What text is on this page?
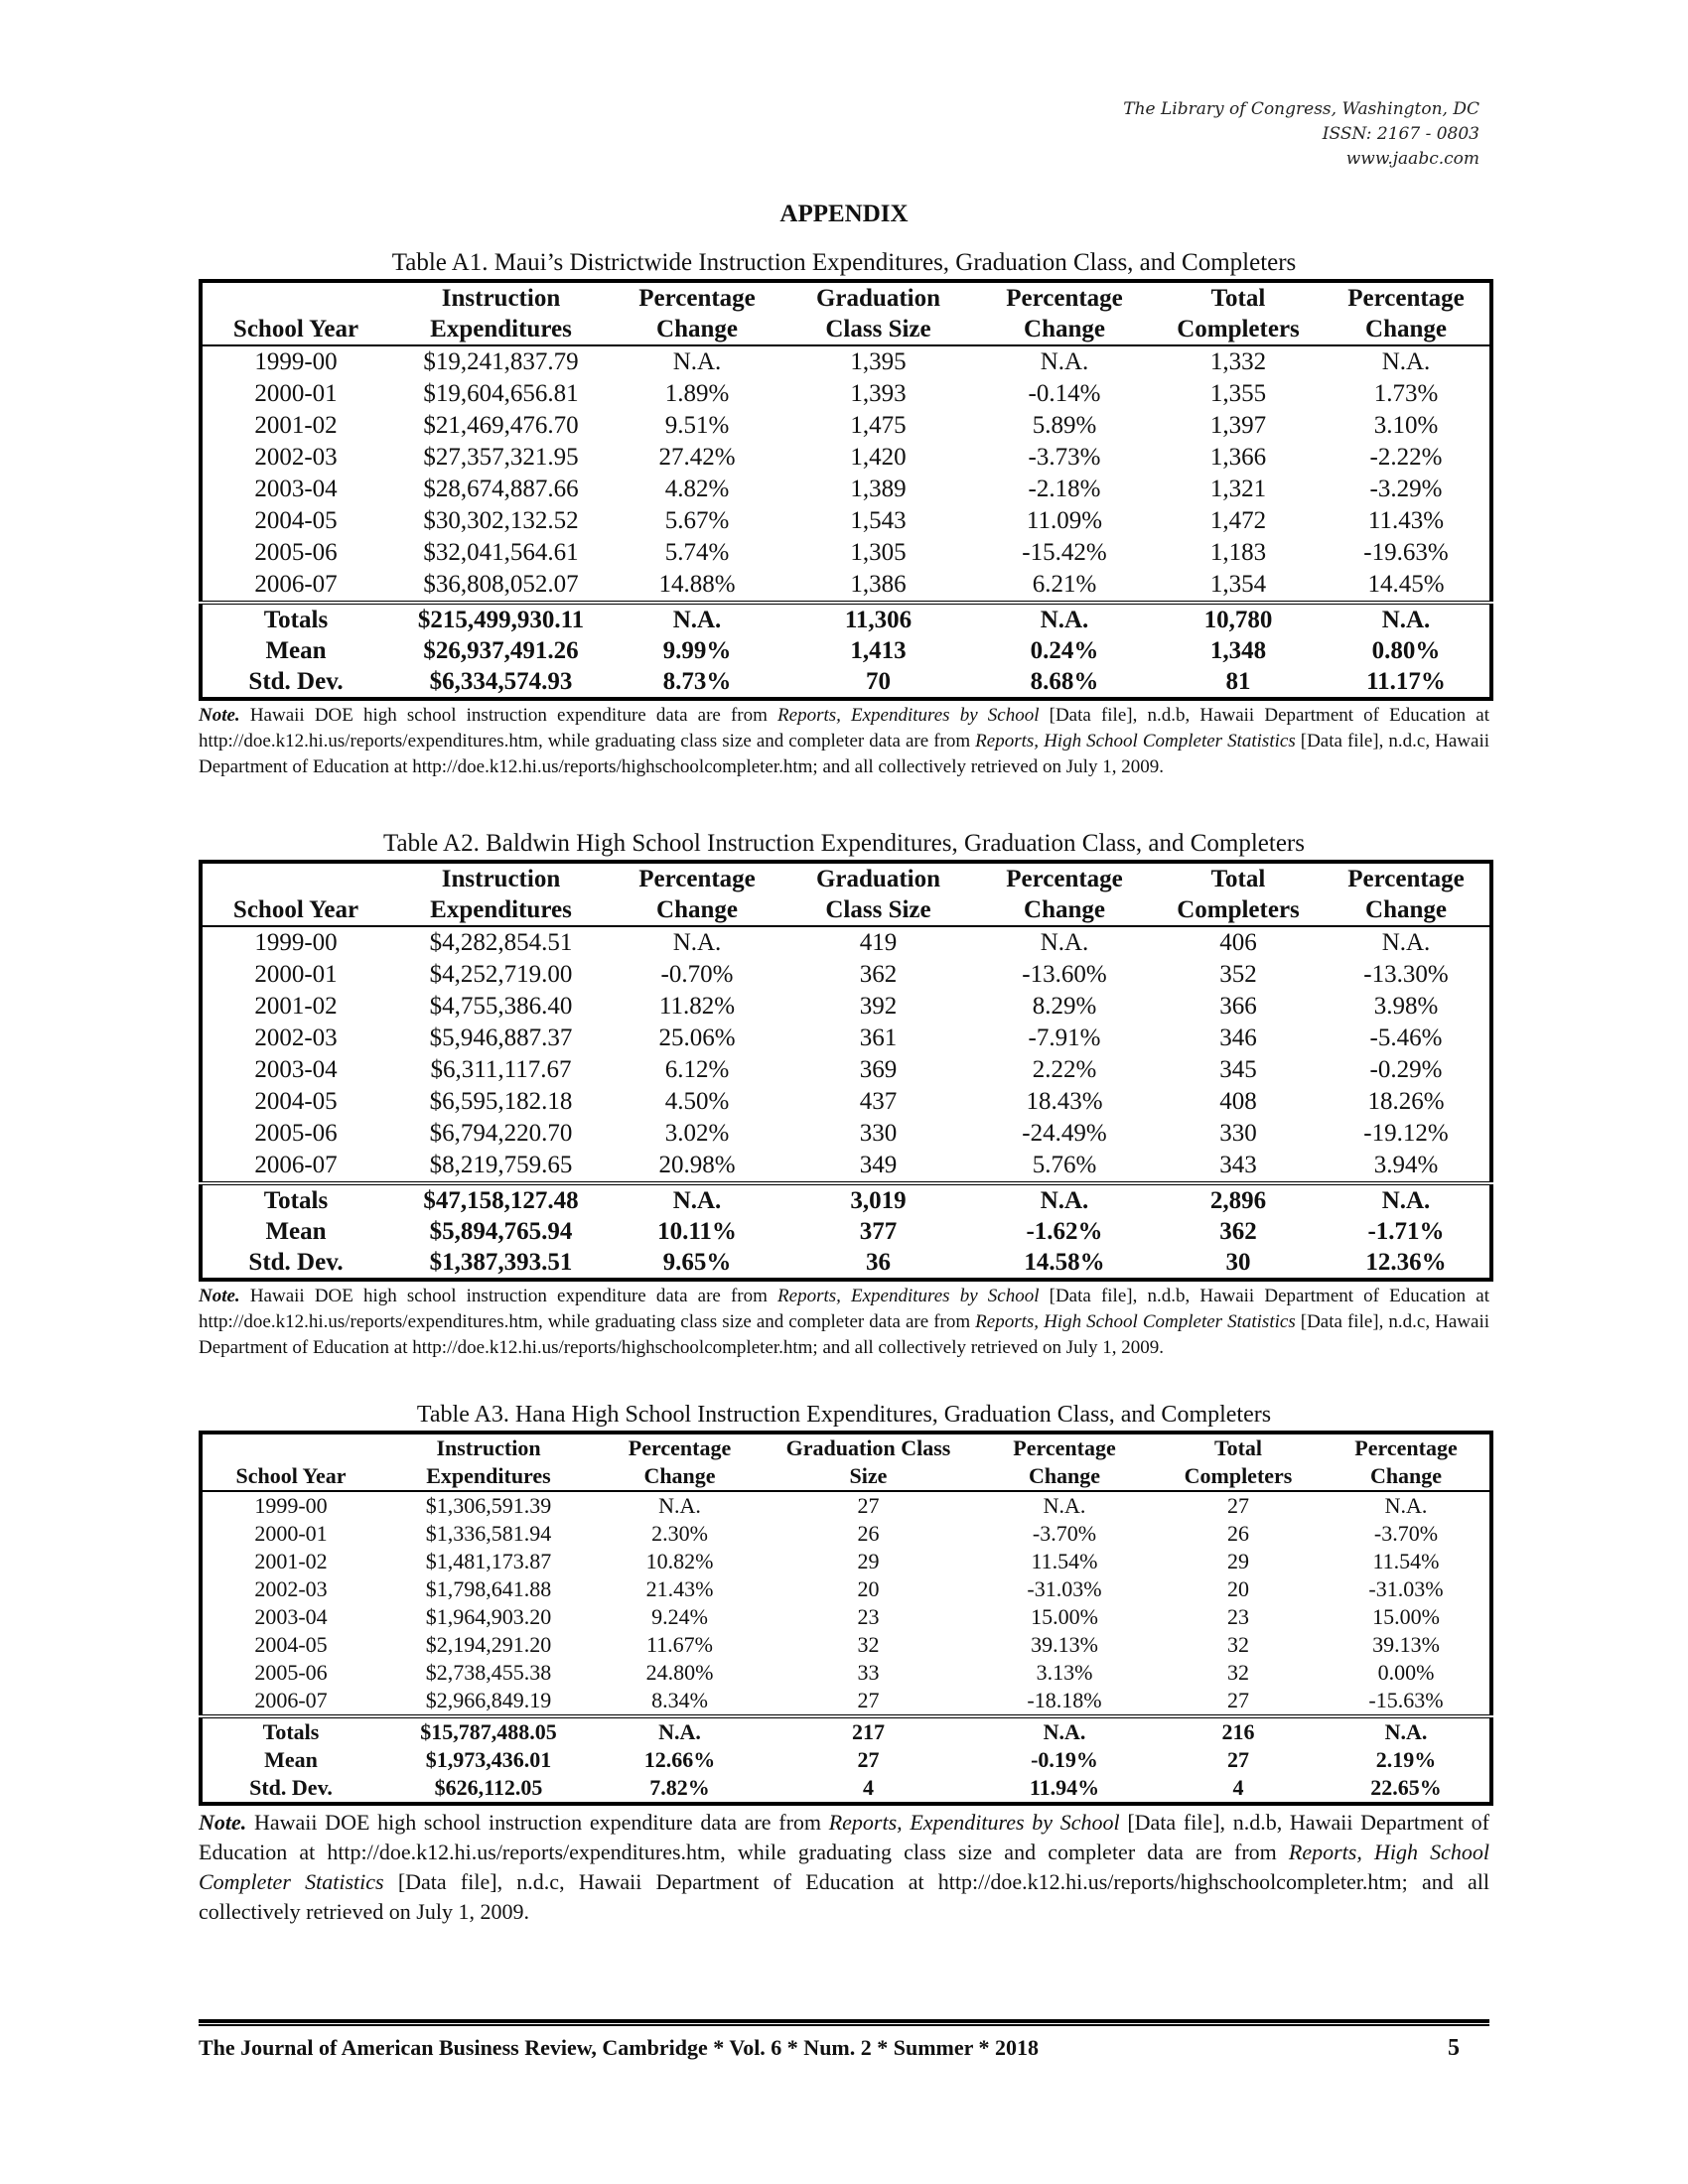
The Library of Congress, Washington, DC
ISSN: 2167 - 0803
www.jaabc.com
APPENDIX
Table A1. Maui’s Districtwide Instruction Expenditures, Graduation Class, and Completers
	Instruction	Percentage	Graduation	Percentage	Total	Percentage
School Year	Expenditures	Change	Class Size	Change	Completers	Change
1999-00	$19,241,837.79	N.A.	1,395	N.A.	1,332	N.A.
2000-01	$19,604,656.81	1.89%	1,393	-0.14%	1,355	1.73%
2001-02	$21,469,476.70	9.51%	1,475	5.89%	1,397	3.10%
2002-03	$27,357,321.95	27.42%	1,420	-3.73%	1,366	-2.22%
2003-04	$28,674,887.66	4.82%	1,389	-2.18%	1,321	-3.29%
2004-05	$30,302,132.52	5.67%	1,543	11.09%	1,472	11.43%
2005-06	$32,041,564.61	5.74%	1,305	-15.42%	1,183	-19.63%
2006-07	$36,808,052.07	14.88%	1,386	6.21%	1,354	14.45%
Totals	$215,499,930.11	N.A.	11,306	N.A.	10,780	N.A.
Mean	$26,937,491.26	9.99%	1,413	0.24%	1,348	0.80%
Std. Dev.	$6,334,574.93	8.73%	70	8.68%	81	11.17%
Note. Hawaii DOE high school instruction expenditure data are from Reports, Expenditures by School [Data file], n.d.b, Hawaii Department of Education at http://doe.k12.hi.us/reports/expenditures.htm, while graduating class size and completer data are from Reports, High School Completer Statistics [Data file], n.d.c, Hawaii Department of Education at http://doe.k12.hi.us/reports/highschoolcompleter.htm; and all collectively retrieved on July 1, 2009.
Table A2. Baldwin High School Instruction Expenditures, Graduation Class, and Completers
	Instruction	Percentage	Graduation	Percentage	Total	Percentage
School Year	Expenditures	Change	Class Size	Change	Completers	Change
1999-00	$4,282,854.51	N.A.	419	N.A.	406	N.A.
2000-01	$4,252,719.00	-0.70%	362	-13.60%	352	-13.30%
2001-02	$4,755,386.40	11.82%	392	8.29%	366	3.98%
2002-03	$5,946,887.37	25.06%	361	-7.91%	346	-5.46%
2003-04	$6,311,117.67	6.12%	369	2.22%	345	-0.29%
2004-05	$6,595,182.18	4.50%	437	18.43%	408	18.26%
2005-06	$6,794,220.70	3.02%	330	-24.49%	330	-19.12%
2006-07	$8,219,759.65	20.98%	349	5.76%	343	3.94%
Totals	$47,158,127.48	N.A.	3,019	N.A.	2,896	N.A.
Mean	$5,894,765.94	10.11%	377	-1.62%	362	-1.71%
Std. Dev.	$1,387,393.51	9.65%	36	14.58%	30	12.36%
Note. Hawaii DOE high school instruction expenditure data are from Reports, Expenditures by School [Data file], n.d.b, Hawaii Department of Education at http://doe.k12.hi.us/reports/expenditures.htm, while graduating class size and completer data are from Reports, High School Completer Statistics [Data file], n.d.c, Hawaii Department of Education at http://doe.k12.hi.us/reports/highschoolcompleter.htm; and all collectively retrieved on July 1, 2009.
Table A3. Hana High School Instruction Expenditures, Graduation Class, and Completers
	Instruction	Percentage	Graduation Class	Percentage	Total	Percentage
School Year	Expenditures	Change	Size	Change	Completers	Change
1999-00	$1,306,591.39	N.A.	27	N.A.	27	N.A.
2000-01	$1,336,581.94	2.30%	26	-3.70%	26	-3.70%
2001-02	$1,481,173.87	10.82%	29	11.54%	29	11.54%
2002-03	$1,798,641.88	21.43%	20	-31.03%	20	-31.03%
2003-04	$1,964,903.20	9.24%	23	15.00%	23	15.00%
2004-05	$2,194,291.20	11.67%	32	39.13%	32	39.13%
2005-06	$2,738,455.38	24.80%	33	3.13%	32	0.00%
2006-07	$2,966,849.19	8.34%	27	-18.18%	27	-15.63%
Totals	$15,787,488.05	N.A.	217	N.A.	216	N.A.
Mean	$1,973,436.01	12.66%	27	-0.19%	27	2.19%
Std. Dev.	$626,112.05	7.82%	4	11.94%	4	22.65%
Note. Hawaii DOE high school instruction expenditure data are from Reports, Expenditures by School [Data file], n.d.b, Hawaii Department of Education at http://doe.k12.hi.us/reports/expenditures.htm, while graduating class size and completer data are from Reports, High School Completer Statistics [Data file], n.d.c, Hawaii Department of Education at http://doe.k12.hi.us/reports/highschoolcompleter.htm; and all collectively retrieved on July 1, 2009.
The Journal of American Business Review, Cambridge * Vol. 6 * Num. 2 * Summer * 2018	5
